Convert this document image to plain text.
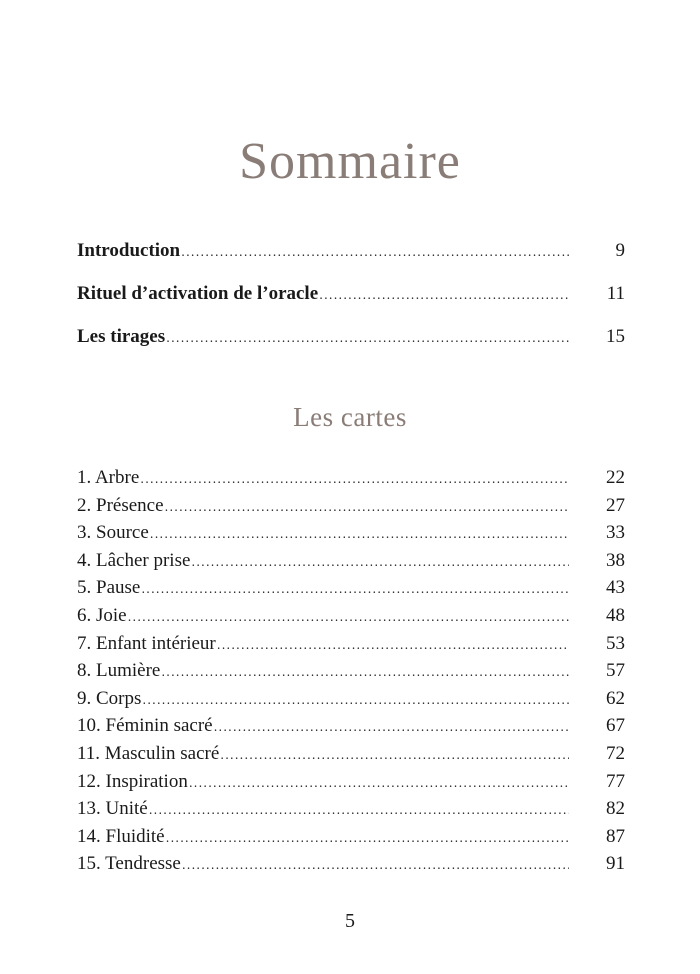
Sommaire
Introduction .....	9
Rituel d’activation de l’oracle .....	11
Les tirages .....	15
Les cartes
1. Arbre .....	22
2. Présence .....	27
3. Source .....	33
4. Lâcher prise .....	38
5. Pause .....	43
6. Joie .....	48
7. Enfant intérieur .....	53
8. Lumière .....	57
9. Corps .....	62
10. Féminin sacré .....	67
11. Masculin sacré .....	72
12. Inspiration .....	77
13. Unité .....	82
14. Fluidité .....	87
15. Tendresse .....	91
5
